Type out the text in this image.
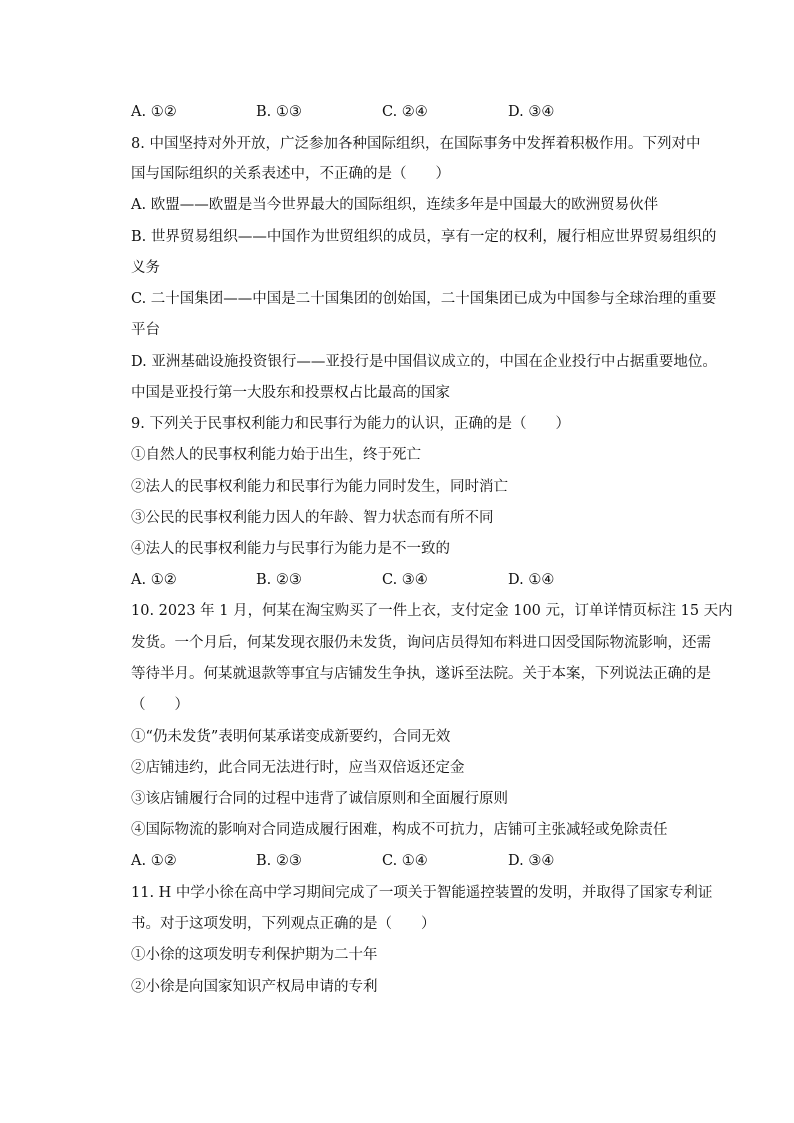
A. ①②	B. ①③	C. ②④	D. ③④
8. 中国坚持对外开放，广泛参加各种国际组织，在国际事务中发挥着积极作用。下列对中
国与国际组织的关系表述中，不正确的是（　　）
A. 欧盟——欧盟是当今世界最大的国际组织，连续多年是中国最大的欧洲贸易伙伴
B. 世界贸易组织——中国作为世贸组织的成员，享有一定的权利，履行相应世界贸易组织的
义务
C. 二十国集团——中国是二十国集团的创始国，二十国集团已成为中国参与全球治理的重要
平台
D. 亚洲基础设施投资银行——亚投行是中国倡议成立的，中国在企业投行中占据重要地位。
中国是亚投行第一大股东和投票权占比最高的国家
9. 下列关于民事权利能力和民事行为能力的认识，正确的是（　　）
①自然人的民事权利能力始于出生，终于死亡
②法人的民事权利能力和民事行为能力同时发生，同时消亡
③公民的民事权利能力因人的年龄、智力状态而有所不同
④法人的民事权利能力与民事行为能力是不一致的
A. ①②	B. ②③	C. ③④	D. ①④
10. 2023 年 1 月，何某在淘宝购买了一件上衣，支付定金 100 元，订单详情页标注 15 天内
发货。一个月后，何某发现衣服仍未发货，询问店员得知布料进口因受国际物流影响，还需
等待半月。何某就退款等事宜与店铺发生争执，遂诉至法院。关于本案，下列说法正确的是
（　　）
①“仍未发货”表明何某承诺变成新要约，合同无效
②店铺违约，此合同无法进行时，应当双倍返还定金
③该店铺履行合同的过程中违背了诚信原则和全面履行原则
④国际物流的影响对合同造成履行困难，构成不可抗力，店铺可主张减轻或免除责任
A. ①②	B. ②③	C. ①④	D. ③④
11. H 中学小徐在高中学习期间完成了一项关于智能遥控装置的发明，并取得了国家专利证
书。对于这项发明，下列观点正确的是（　　）
①小徐的这项发明专利保护期为二十年
②小徐是向国家知识产权局申请的专利
